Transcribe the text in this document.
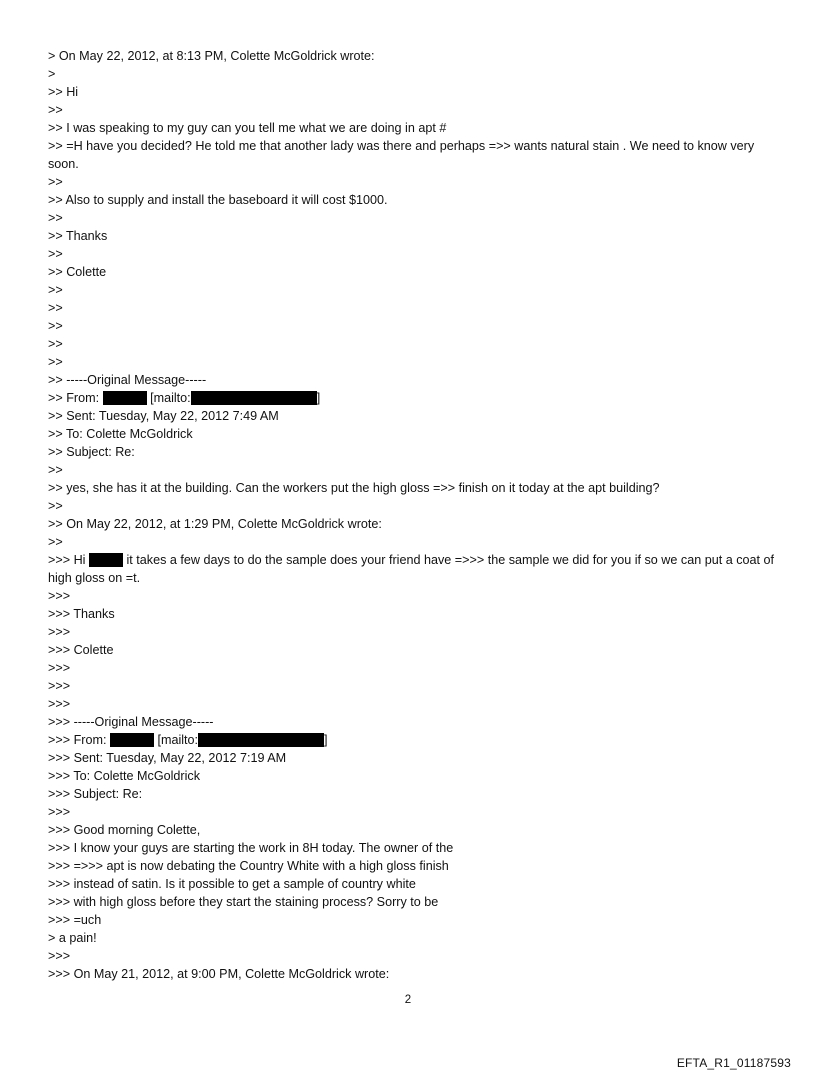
> On May 22, 2012, at 8:13 PM, Colette McGoldrick wrote:

>

>> Hi

>>

>> I was speaking to my guy can you tell me what we are doing in apt #

>> =H have you decided? He told me that another lady was there and perhaps =>> wants natural stain . We need to know very soon.

>>

>> Also to supply and install the baseboard it will cost $1000.

>>

>> Thanks

>>

>> Colette

>>

>>

>>

>>

>>

>> -----Original Message-----

>> From:	[mailto:	]

>> Sent: Tuesday, May 22, 2012 7:49 AM

>> To: Colette McGoldrick

>> Subject: Re:

>>

>> yes, she has it at the building. Can the workers put the high gloss =>> finish on it today at the apt building?

>>

>> On May 22, 2012, at 1:29 PM, Colette McGoldrick wrote:

>>

>>> Hi	it takes a few days to do the sample does your friend have =>>> the sample we did for you if so we can put a coat of high gloss on =t.

>>>

>>> Thanks

>>>

>>> Colette

>>>

>>>

>>>

>>> -----Original Message-----

>>> From:	[mailto:	]

>>> Sent: Tuesday, May 22, 2012 7:19 AM

>>> To: Colette McGoldrick

>>> Subject: Re:

>>>

>>> Good morning Colette,

>>> I know your guys are starting the work in 8H today. The owner of the

>>> =>>> apt is now debating the Country White with a high gloss finish

>>> instead of satin. Is it possible to get a sample of country white

>>> with high gloss before they start the staining process? Sorry to be

>>> =uch

> a pain!

>>>

>>> On May 21, 2012, at 9:00 PM, Colette McGoldrick wrote:

2
EFTA_R1_01187593
